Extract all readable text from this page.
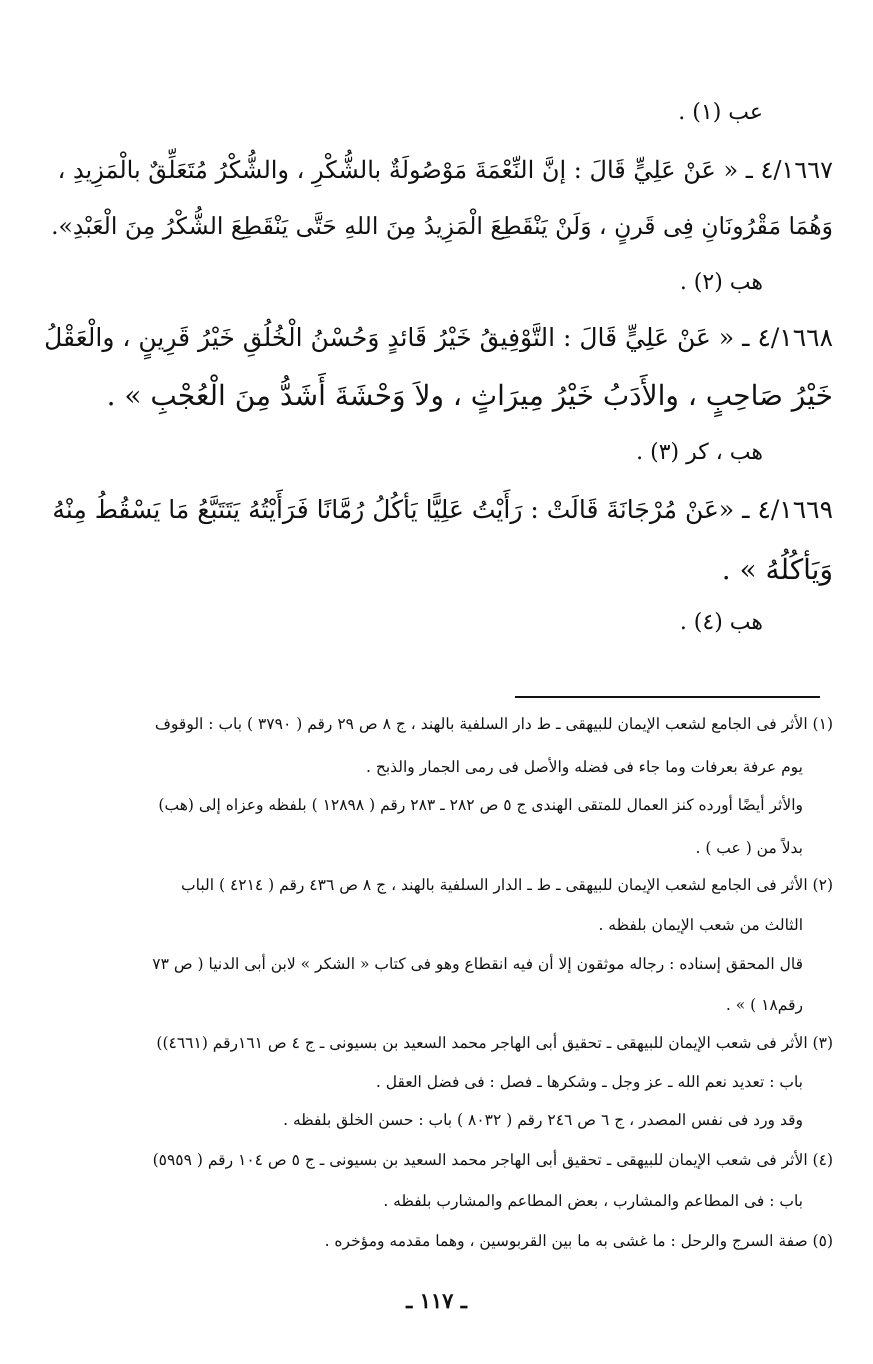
عب (١) .
٤/١٦٦٧ ـ « عَنْ عَلِيٍّ قَالَ : إنَّ النِّعْمَةَ مَوْصُولَةٌ بالشُّكْرِ ، والشُّكْرُ مُتَعَلِّقٌ بالْمَزِيدِ ،
وَهُمَا مَقْرُونَانِ فِى قَرنٍ ، وَلَنْ يَنْقَطِعَ الْمَزِيدُ مِنَ اللهِ حَتَّى يَنْقَطِعَ الشُّكْرُ مِنَ الْعَبْدِ».
هب (٢) .
٤/١٦٦٨ ـ « عَنْ عَلِيٍّ قَالَ : التَّوْفِيقُ خَيْرُ قَائدٍ وَحُسْنُ الْخُلُقِ خَيْرُ قَرِينٍ ، والْعَقْلُ
خَيْرُ صَاحِبٍ ، والأَدَبُ خَيْرُ مِيرَاثٍ ، ولاَ وَحْشَةَ أَشَدُّ مِنَ الْعُجْبِ » .
هب ، كر (٣) .
٤/١٦٦٩ ـ «عَنْ مُرْجَانَةَ قَالَتْ : رَأَيْتُ عَلِيًّا يَأكُلُ رُمَّانًا فَرَأَيْتُهُ يَتَتَبَّعُ مَا يَسْقُطُ مِنْهُ
وَيَأكُلُهُ » .
هب (٤) .
(١) الأثر فى الجامع لشعب الإيمان للبيهقى ـ ط دار السلفية بالهند ، ج ٨ ص ٢٩ رقم ( ٣٧٩٠ ) باب : الوقوف
يوم عرفة بعرفات وما جاء فى فضله والأصل فى رمى الجمار والذبح .
والأثر أيضًا أورده كنز العمال للمتقى الهندى ج ٥ ص ٢٨٢ ـ ٢٨٣ رقم ( ١٢٨٩٨ ) بلفظه وعزاه إلى (هب)
بدلاً من ( عب ) .
(٢) الأثر فى الجامع لشعب الإيمان للبيهقى ـ ط ـ الدار السلفية بالهند ، ج ٨ ص ٤٣٦ رقم ( ٤٢١٤ ) الباب
الثالث من شعب الإيمان بلفظه .
قال المحقق إسناده : رجاله موثقون إلا أن فيه انقطاع وهو فى كتاب « الشكر » لابن أبى الدنيا ( ص ٧٣
رقم١٨ ) » .
(٣) الأثر فى شعب الإيمان للبيهقى ـ تحقيق أبى الهاجر محمد السعيد بن بسيونى ـ ج ٤ ص ١٦١رقم (٤٦٦١))
باب : تعديد نعم الله ـ عز وجل ـ وشكرها ـ فصل : فى فضل العقل .
وقد ورد فى نفس المصدر ، ج ٦ ص ٢٤٦ رقم ( ٨٠٣٢ ) باب : حسن الخلق بلفظه .
(٤) الأثر فى شعب الإيمان للبيهقى ـ تحقيق أبى الهاجر محمد السعيد بن بسيونى ـ ج ٥ ص ١٠٤ رقم ( ٥٩٥٩)
باب : فى المطاعم والمشارب ، بعض المطاعم والمشارب بلفظه .
(٥) صفة السرج والرحل : ما غشى به ما بين القربوسين ، وهما مقدمه ومؤخره .
ـ ١١٧ ـ
